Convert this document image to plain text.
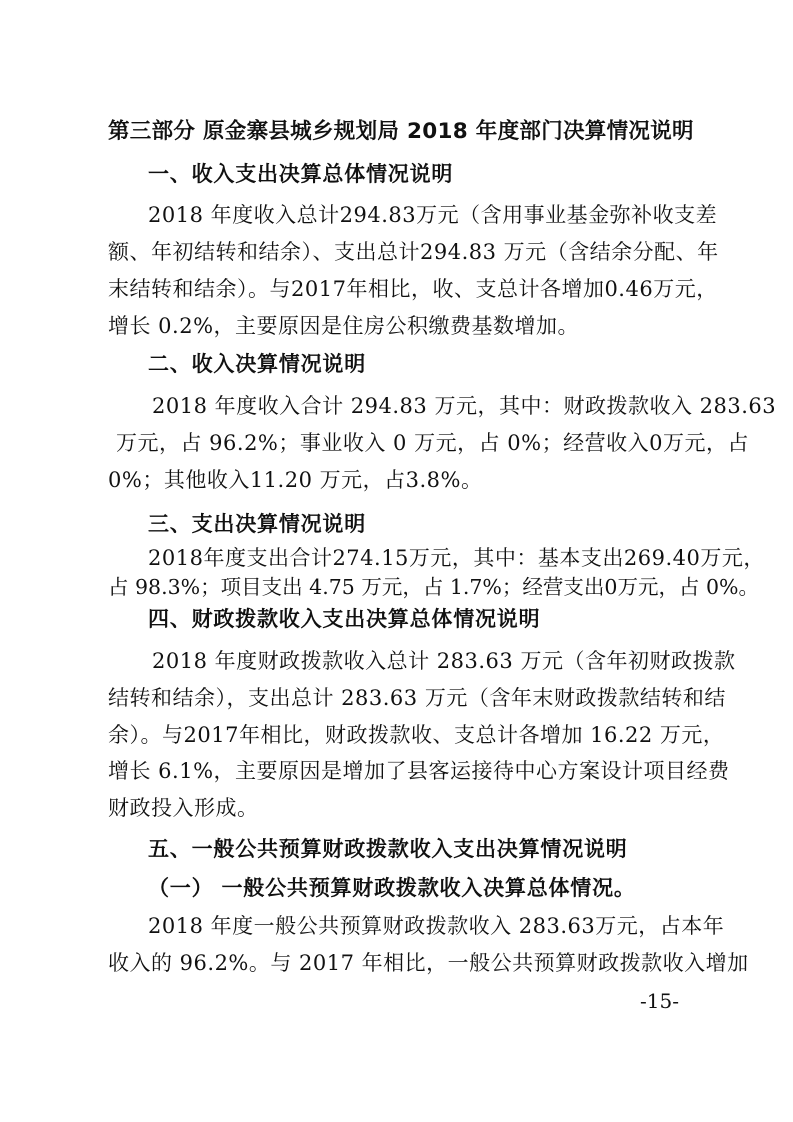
第三部分 原金寨县城乡规划局 2018 年度部门决算情况说明
一、收入支出决算总体情况说明
2018 年度收入总计294.83万元（含用事业基金弥补收支差
额、年初结转和结余）、支出总计294.83 万元（含结余分配、年
末结转和结余）。与2017年相比，收、支总计各增加0.46万元，
增长 0.2%，主要原因是住房公积缴费基数增加。
二、收入决算情况说明
2018 年度收入合计 294.83 万元，其中：财政拨款收入 283.63
万元，占 96.2%；事业收入 0 万元，占 0%；经营收入0万元，占
0%；其他收入11.20 万元，占3.8%。
三、支出决算情况说明
2018年度支出合计274.15万元，其中：基本支出269.40万元，
占 98.3%；项目支出 4.75 万元，占 1.7%；经营支出0万元，占 0%。
四、财政拨款收入支出决算总体情况说明
2018 年度财政拨款收入总计 283.63 万元（含年初财政拨款
结转和结余），支出总计 283.63 万元（含年末财政拨款结转和结
余）。与2017年相比，财政拨款收、支总计各增加 16.22 万元，
增长 6.1%，主要原因是增加了县客运接待中心方案设计项目经费
财政投入形成。
五、一般公共预算财政拨款收入支出决算情况说明
（一） 一般公共预算财政拨款收入决算总体情况。
2018 年度一般公共预算财政拨款收入 283.63万元，占本年
收入的 96.2%。与 2017 年相比，一般公共预算财政拨款收入增加
-15-
